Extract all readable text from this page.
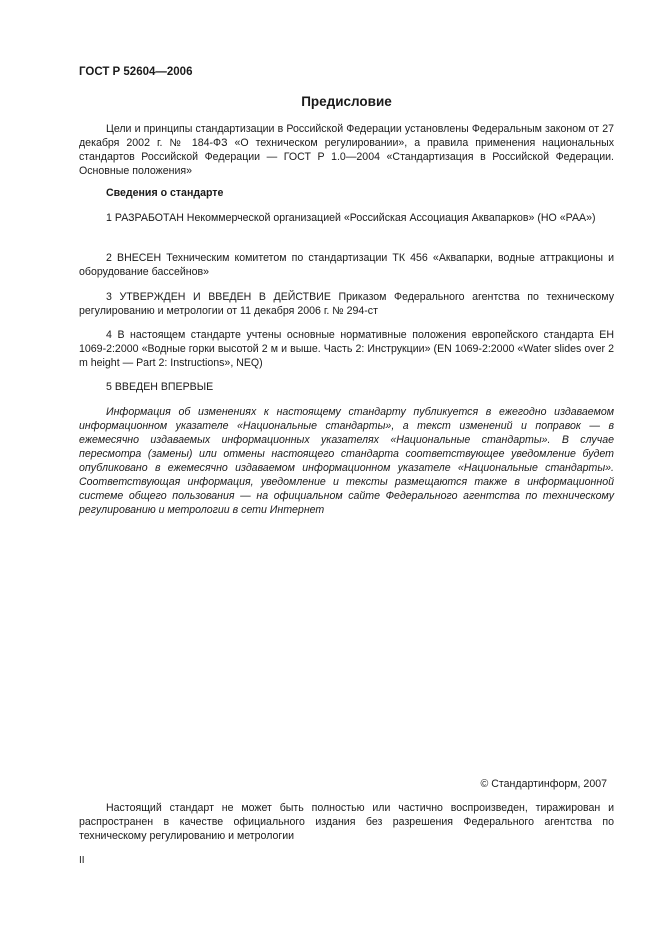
ГОСТ Р 52604—2006
Предисловие

Цели и принципы стандартизации в Российской Федерации установлены Федеральным законом от 27 декабря 2002 г. № 184-ФЗ «О техническом регулировании», а правила применения национальных стандартов Российской Федерации — ГОСТ Р 1.0—2004 «Стандартизация в Российской Федерации. Основные положения»

Сведения о стандарте

1 РАЗРАБОТАН Некоммерческой организацией «Российская Ассоциация Аквапарков» (НО «РАА»)

2 ВНЕСЕН Техническим комитетом по стандартизации ТК 456 «Аквапарки, водные аттракционы и оборудование бассейнов»

3 УТВЕРЖДЕН И ВВЕДЕН В ДЕЙСТВИЕ Приказом Федерального агентства по техническому регулированию и метрологии от 11 декабря 2006 г. № 294-ст

4 В настоящем стандарте учтены основные нормативные положения европейского стандарта ЕН 1069-2:2000 «Водные горки высотой 2 м и выше. Часть 2: Инструкции» (EN 1069-2:2000 «Water slides over 2 m height — Part 2: Instructions», NEQ)

5 ВВЕДЕН ВПЕРВЫЕ

Информация об изменениях к настоящему стандарту публикуется в ежегодно издаваемом информационном указателе «Национальные стандарты», а текст изменений и поправок — в ежемесячно издаваемых информационных указателях «Национальные стандарты». В случае пересмотра (замены) или отмены настоящего стандарта соответствующее уведомление будет опубликовано в ежемесячно издаваемом информационном указателе «Национальные стандарты». Соответствующая информация, уведомление и тексты размещаются также в информационной системе общего пользования — на официальном сайте Федерального агентства по техническому регулированию и метрологии в сети Интернет

© Стандартинформ, 2007

Настоящий стандарт не может быть полностью или частично воспроизведен, тиражирован и распространен в качестве официального издания без разрешения Федерального агентства по техническому регулированию и метрологии

II
